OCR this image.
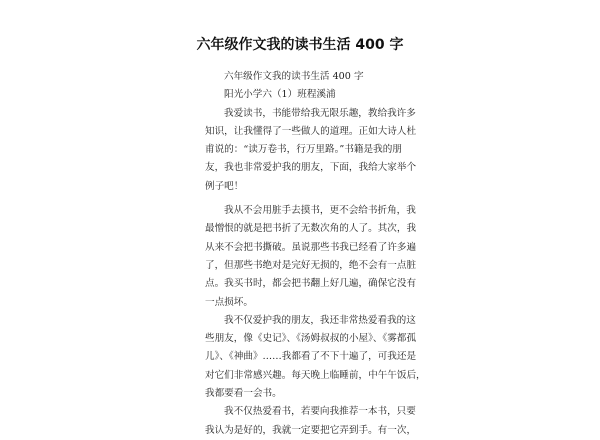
六年级作文我的读书生活 400 字
六年级作文我的读书生活 400 字
阳光小学六（1）班程溪浦
我爱读书，书能带给我无限乐趣，教给我许多
知识，让我懂得了一些做人的道理。正如大诗人杜
甫说的：“读万卷书，行万里路。”书籍是我的朋
友，我也非常爱护我的朋友，下面，我给大家举个
例子吧！
我从不会用脏手去摸书，更不会给书折角，我
最憎恨的就是把书折了无数次角的人了。其次，我
从来不会把书撕破。虽说那些书我已经看了许多遍
了，但那些书绝对是完好无损的，绝不会有一点脏
点。我买书时，都会把书翻上好几遍，确保它没有
一点损坏。
我不仅爱护我的朋友，我还非常热爱看我的这
些朋友，像《史记》、《汤姆叔叔的小屋》、《雾都孤
儿》、《神曲》……我都看了不下十遍了，可我还是
对它们非常感兴趣。每天晚上临睡前，中午午饭后，
我都要看一会书。
我不仅热爱看书，若要向我推荐一本书，只要
我认为是好的，我就一定要把它弄到手。有一次，
